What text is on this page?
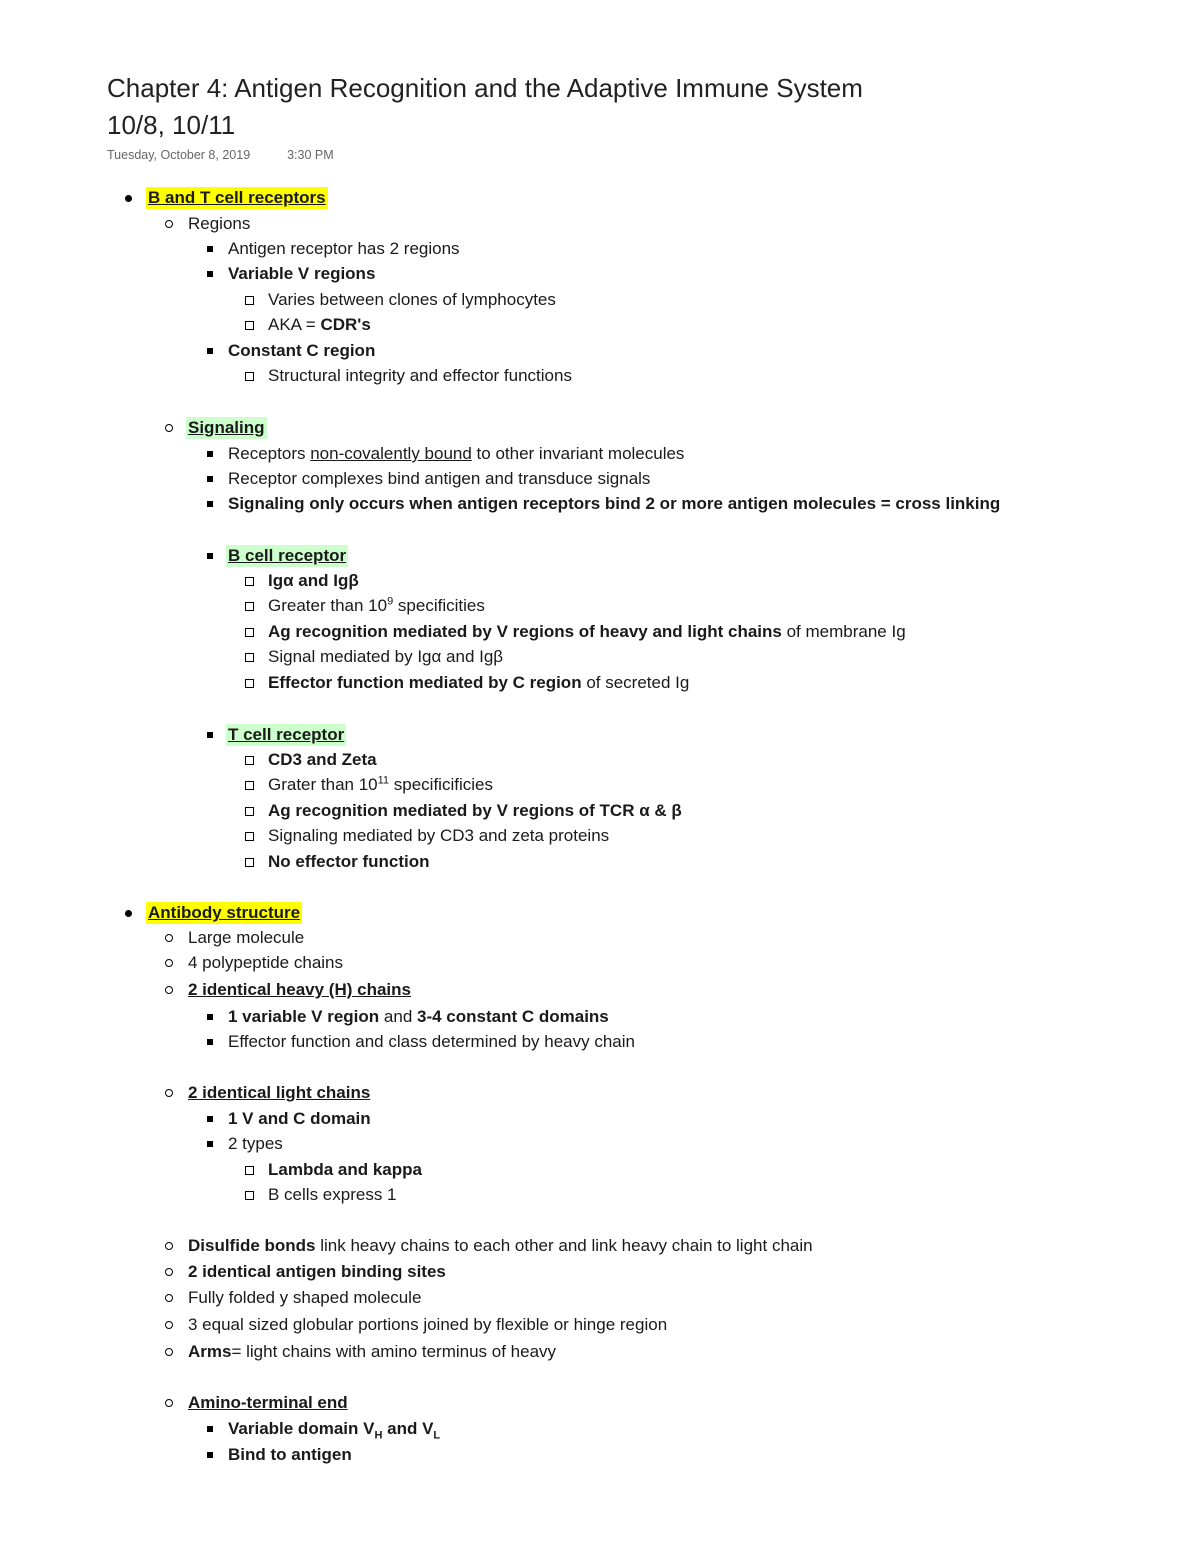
Chapter 4: Antigen Recognition and the Adaptive Immune System
10/8, 10/11
Tuesday, October 8, 2019	3:30 PM
B and T cell receptors
Regions
Antigen receptor has 2 regions
Variable V regions
Varies between clones of lymphocytes
AKA = CDR's
Constant C region
Structural integrity and effector functions
Signaling
Receptors non-covalently bound to other invariant molecules
Receptor complexes bind antigen and transduce signals
Signaling only occurs when antigen receptors bind 2 or more antigen molecules = cross linking
B cell receptor
Igα and Igβ
Greater than $10^9$ specificities
Ag recognition mediated by V regions of heavy and light chains of membrane Ig
Signal mediated by Igα and Igβ
Effector function mediated by C region of secreted Ig
T cell receptor
CD3 and Zeta
Grater than $10^{11}$ specificificies
Ag recognition mediated by V regions of TCR α & β
Signaling mediated by CD3 and zeta proteins
No effector function
Antibody structure
Large molecule
4 polypeptide chains
2 identical heavy (H) chains
1 variable V region and 3-4 constant C domains
Effector function and class determined by heavy chain
2 identical light chains
1 V and C domain
2 types
Lambda and kappa
B cells express 1
Disulfide bonds link heavy chains to each other and link heavy chain to light chain
2 identical antigen binding sites
Fully folded y shaped molecule
3 equal sized globular portions joined by flexible or hinge region
Arms= light chains with amino terminus of heavy
Amino-terminal end
Variable domain $V_H$ and $V_L$
Bind to antigen
